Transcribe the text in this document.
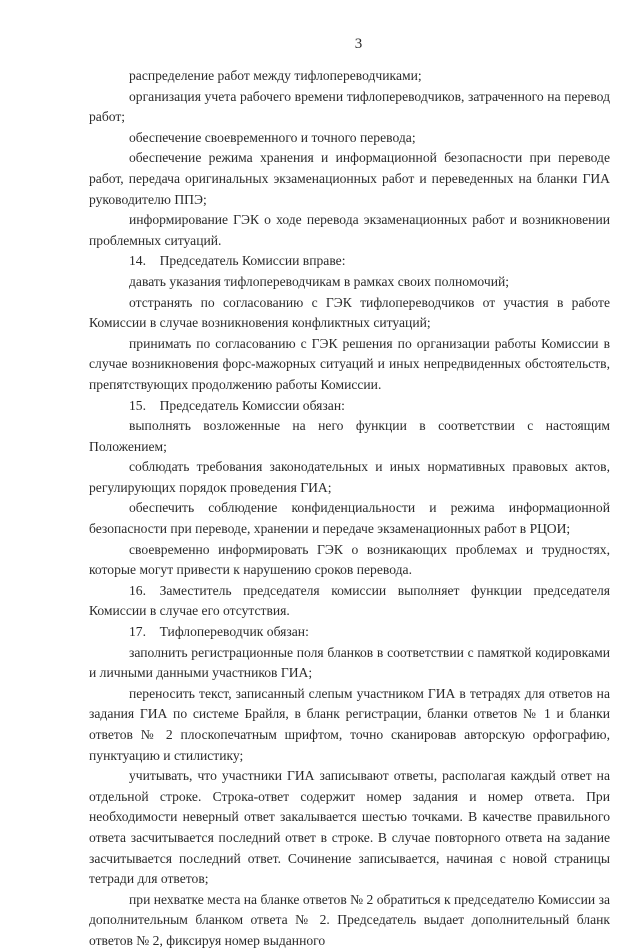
3

распределение работ между тифлопереводчиками;

организация учета рабочего времени тифлопереводчиков, затраченного на перевод работ;

обеспечение своевременного и точного перевода;

обеспечение режима хранения и информационной безопасности при переводе работ, передача оригинальных экзаменационных работ и переведенных на бланки ГИА руководителю ППЭ;

информирование ГЭК о ходе перевода экзаменационных работ и возникновении проблемных ситуаций.

14. Председатель Комиссии вправе:

давать указания тифлопереводчикам в рамках своих полномочий;

отстранять по согласованию с ГЭК тифлопереводчиков от участия в работе Комиссии в случае возникновения конфликтных ситуаций;

принимать по согласованию с ГЭК решения по организации работы Комиссии в случае возникновения форс-мажорных ситуаций и иных непредвиденных обстоятельств, препятствующих продолжению работы Комиссии.

15. Председатель Комиссии обязан:

выполнять возложенные на него функции в соответствии с настоящим Положением;

соблюдать требования законодательных и иных нормативных правовых актов, регулирующих порядок проведения ГИА;

обеспечить соблюдение конфиденциальности и режима информационной безопасности при переводе, хранении и передаче экзаменационных работ в РЦОИ;

своевременно информировать ГЭК о возникающих проблемах и трудностях, которые могут привести к нарушению сроков перевода.

16. Заместитель председателя комиссии выполняет функции председателя Комиссии в случае его отсутствия.

17. Тифлопереводчик обязан:

заполнить регистрационные поля бланков в соответствии с памяткой кодировками и личными данными участников ГИА;

переносить текст, записанный слепым участником ГИА в тетрадях для ответов на задания ГИА по системе Брайля, в бланк регистрации, бланки ответов № 1 и бланки ответов № 2 плоскопечатным шрифтом, точно сканировав авторскую орфографию, пунктуацию и стилистику;

учитывать, что участники ГИА записывают ответы, располагая каждый ответ на отдельной строке. Строка-ответ содержит номер задания и номер ответа. При необходимости неверный ответ закалывается шестью точками. В качестве правильного ответа засчитывается последний ответ в строке. В случае повторного ответа на задание засчитывается последний ответ. Сочинение записывается, начиная с новой страницы тетради для ответов;

при нехватке места на бланке ответов № 2 обратиться к председателю Комиссии за дополнительным бланком ответа № 2. Председатель выдает дополнительный бланк ответов № 2, фиксируя номер выданного
